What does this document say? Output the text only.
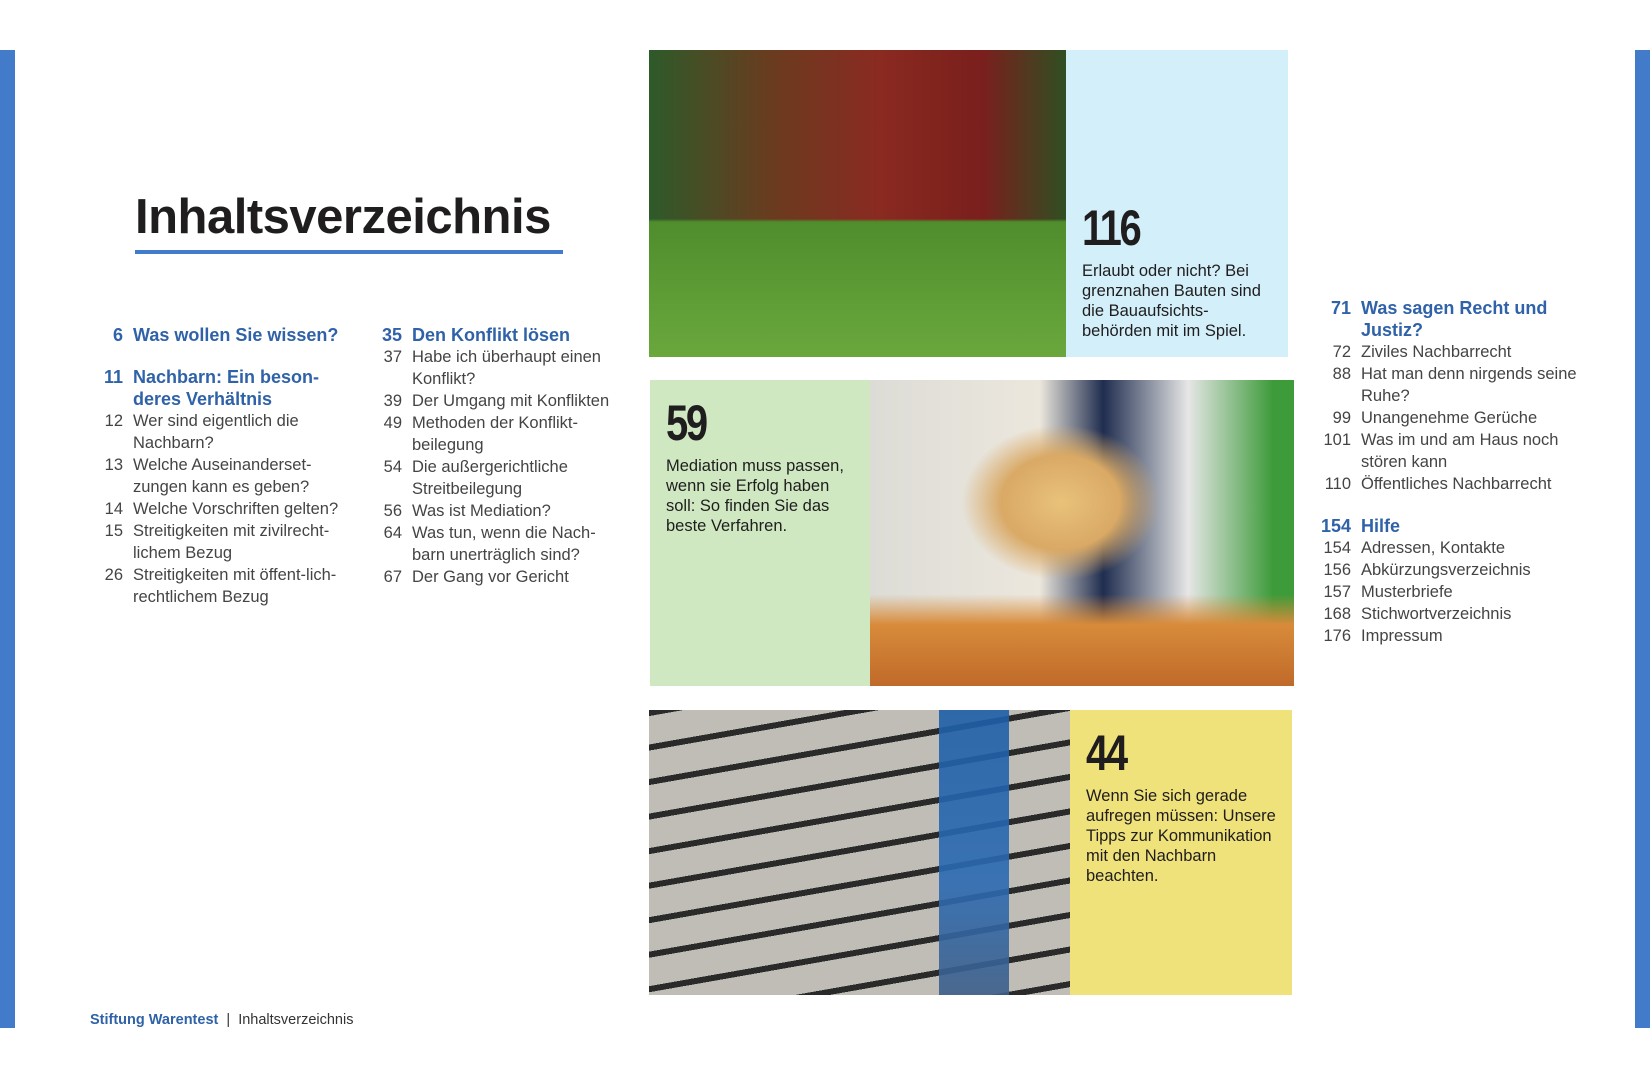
Inhaltsverzeichnis
6 Was wollen Sie wissen?
11 Nachbarn: Ein beson-deres Verhältnis
12 Wer sind eigentlich die Nachbarn?
13 Welche Auseinanderset-zungen kann es geben?
14 Welche Vorschriften gelten?
15 Streitigkeiten mit zivilrecht-lichem Bezug
26 Streitigkeiten mit öffent-lich-rechtlichem Bezug
35 Den Konflikt lösen
37 Habe ich überhaupt einen Konflikt?
39 Der Umgang mit Konflikten
49 Methoden der Konflikt-beilegung
54 Die außergerichtliche Streitbeilegung
56 Was ist Mediation?
64 Was tun, wenn die Nach-barn unerträglich sind?
67 Der Gang vor Gericht
71 Was sagen Recht und Justiz?
72 Ziviles Nachbarrecht
88 Hat man denn nirgends seine Ruhe?
99 Unangenehme Gerüche
101 Was im und am Haus noch stören kann
110 Öffentliches Nachbarrecht
154 Hilfe
154 Adressen, Kontakte
156 Abkürzungsverzeichnis
157 Musterbriefe
168 Stichwortverzeichnis
176 Impressum
116
Erlaubt oder nicht? Bei grenznahen Bauten sind die Bauaufsichts-behörden mit im Spiel.
59
Mediation muss passen, wenn sie Erfolg haben soll: So finden Sie das beste Verfahren.
44
Wenn Sie sich gerade aufregen müssen: Unsere Tipps zur Kommunikation mit den Nachbarn beachten.
Stiftung Warentest | Inhaltsverzeichnis
